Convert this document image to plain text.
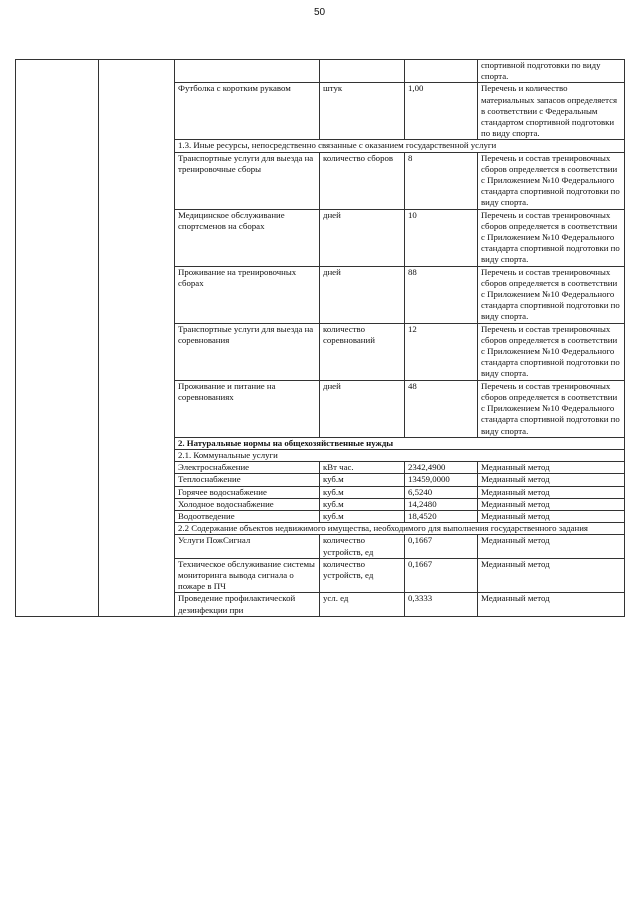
50
					спортивной подготовки по виду спорта.
		Футболка с коротким рукавом	штук	1,00	Перечень и количество материальных запасов определяется в соответствии с Федеральным стандартом спортивной подготовки по виду спорта.
		1.3. Иные ресурсы, непосредственно связанные с оказанием государственной услуги			
		Транспортные услуги для выезда на тренировочные сборы	количество сборов	8	Перечень и состав тренировочных сборов определяется в соответствии с Приложением №10 Федерального стандарта спортивной подготовки по виду спорта.
		Медицинское обслуживание спортсменов на сборах	дней	10	Перечень и состав тренировочных сборов определяется в соответствии с Приложением №10 Федерального стандарта спортивной подготовки по виду спорта.
		Проживание на тренировочных сборах	дней	88	Перечень и состав тренировочных сборов определяется в соответствии с Приложением №10 Федерального стандарта спортивной подготовки по виду спорта.
		Транспортные услуги для выезда на соревнования	количество соревнований	12	Перечень и состав тренировочных сборов определяется в соответствии с Приложением №10 Федерального стандарта спортивной подготовки по виду спорта.
		Проживание и питание на соревнованиях	дней	48	Перечень и состав тренировочных сборов определяется в соответствии с Приложением №10 Федерального стандарта спортивной подготовки по виду спорта.
		2. Натуральные нормы на общехозяйственные нужды			
		2.1. Коммунальные услуги			
		Электроснабжение	кВт час.	2342,4900	Медианный метод
		Теплоснабжение	куб.м	13459,0000	Медианный метод
		Горячее водоснабжение	куб.м	6,5240	Медианный метод
		Холодное водоснабжение	куб.м	14,2480	Медианный метод
		Водоотведение	куб.м	18,4520	Медианный метод
		2.2 Содержание объектов недвижимого имущества, необходимого для выполнения государственного задания			
		Услуги ПожСигнал	количество устройств, ед	0,1667	Медианный метод
		Техническое обслуживание системы мониторинга вывода сигнала о пожаре в ПЧ	количество устройств, ед	0,1667	Медианный метод
		Проведение профилактической дезинфекции при	усл. ед	0,3333	Медианный метод
